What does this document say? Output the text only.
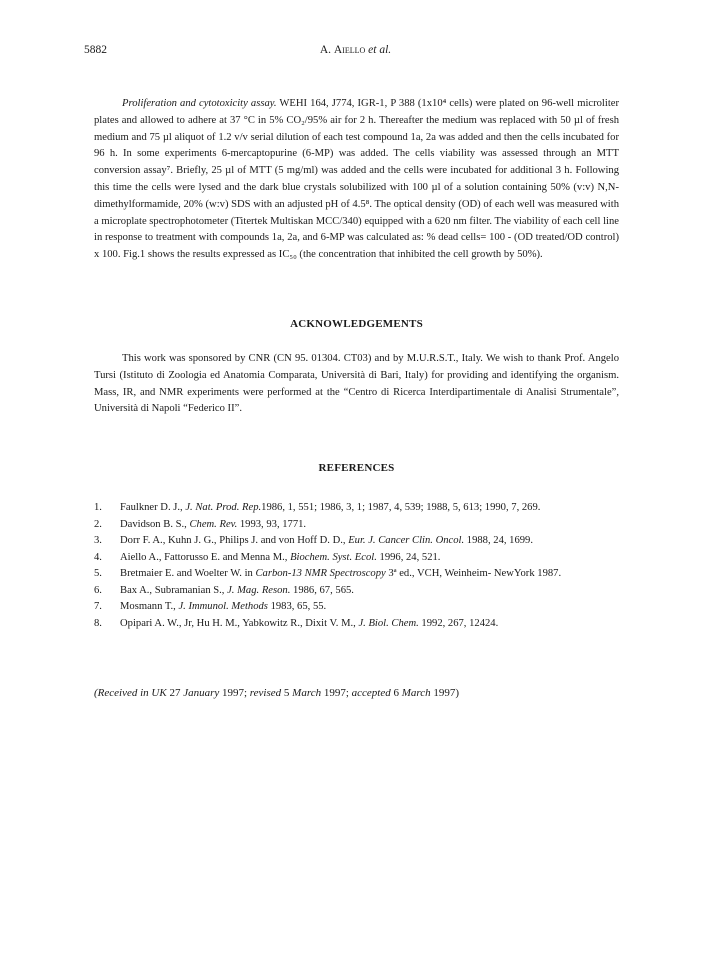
5882	A. Aiello et al.

Proliferation and cytotoxicity assay. WEHI 164, J774, IGR-1, P 388 (1x10⁴ cells) were plated on 96-well microliter plates and allowed to adhere at 37 °C in 5% CO₂/95% air for 2 h. Thereafter the medium was replaced with 50 µl of fresh medium and 75 µl aliquot of 1.2 v/v serial dilution of each test compound 1a, 2a was added and then the cells incubated for 96 h. In some experiments 6-mercaptopurine (6-MP) was added. The cells viability was assessed through an MTT conversion assay⁷. Briefly, 25 µl of MTT (5 mg/ml) was added and the cells were incubated for additional 3 h. Following this time the cells were lysed and the dark blue crystals solubilized with 100 µl of a solution containing 50% (v:v) N,N-dimethylformamide, 20% (w:v) SDS with an adjusted pH of 4.5⁸. The optical density (OD) of each well was measured with a microplate spectrophotometer (Titertek Multiskan MCC/340) equipped with a 620 nm filter. The viability of each cell line in response to treatment with compounds 1a, 2a, and 6-MP was calculated as: % dead cells= 100 - (OD treated/OD control) x 100. Fig.1 shows the results expressed as IC₅₀ (the concentration that inhibited the cell growth by 50%).

ACKNOWLEDGEMENTS

This work was sponsored by CNR (CN 95. 01304. CT03) and by M.U.R.S.T., Italy. We wish to thank Prof. Angelo Tursi (Istituto di Zoologia ed Anatomia Comparata, Università di Bari, Italy) for providing and identifying the organism. Mass, IR, and NMR experiments were performed at the “Centro di Ricerca Interdipartimentale di Analisi Strumentale”, Università di Napoli “Federico II”.

REFERENCES
1.	Faulkner D. J., J. Nat. Prod. Rep.1986, 1, 551; 1986, 3, 1; 1987, 4, 539; 1988, 5, 613; 1990, 7, 269.
2.	Davidson B. S., Chem. Rev. 1993, 93, 1771.
3.	Dorr F. A., Kuhn J. G., Philips J. and von Hoff D. D., Eur. J. Cancer Clin. Oncol. 1988, 24, 1699.
4.	Aiello A., Fattorusso E. and Menna M., Biochem. Syst. Ecol. 1996, 24, 521.
5.	Bretmaier E. and Woelter W. in Carbon-13 NMR Spectroscopy 3ª ed., VCH, Weinheim- NewYork 1987.
6.	Bax A., Subramanian S., J. Mag. Reson. 1986, 67, 565.
7.	Mosmann T., J. Immunol. Methods 1983, 65, 55.
8.	Opipari A. W., Jr, Hu H. M., Yabkowitz R., Dixit V. M., J. Biol. Chem. 1992, 267, 12424.
(Received in UK 27 January 1997; revised 5 March 1997; accepted 6 March 1997)
